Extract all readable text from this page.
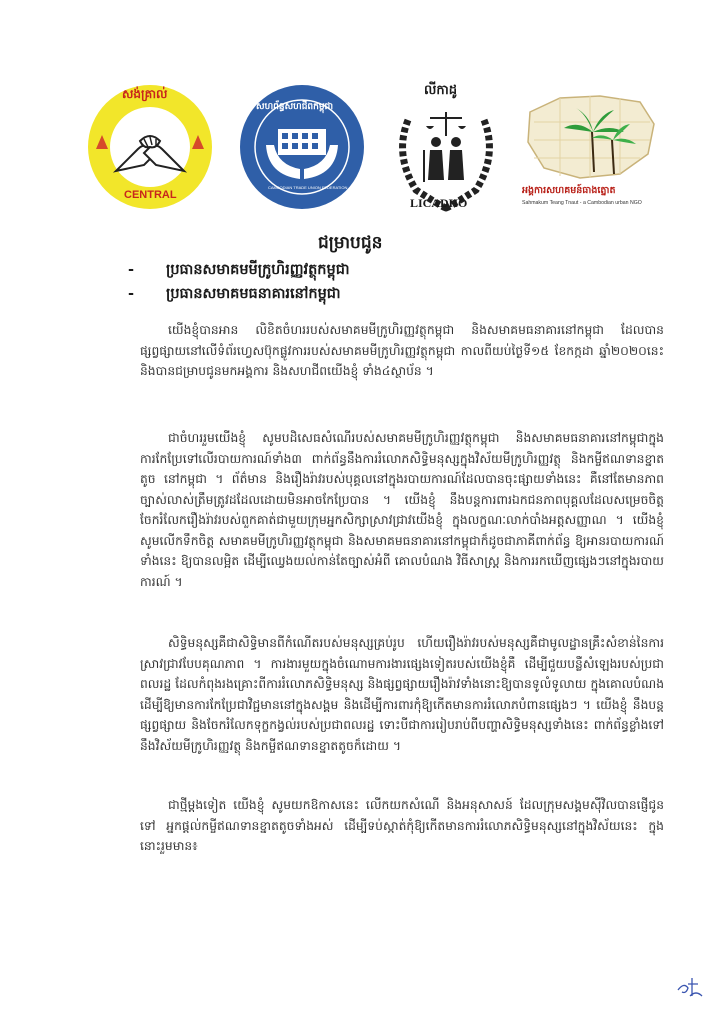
សង់គ្រាល់
CENTRAL
សហព័ន្ធសហជីពកម្ពុជា
CAMBODIAN TRADE UNION FEDERATION
លីកាដូ
LICADHO
អង្គការសហគមន៍ធាងត្នោត
Sahmakum Teang Tnaut - a Cambodian urban NGO
ជម្រាបជូន
- ប្រធានសមាគមមីក្រូហិរញ្ញវត្ថុកម្ពុជា
- ប្រធានសមាគមធនាគារនៅកម្ពុជា

យើងខ្ញុំបានអាន លិខិតចំហររបស់សមាគមមីក្រូហិរញ្ញវត្ថុកម្ពុជា និងសមាគមធនាគារនៅកម្ពុជា ដែលបានផ្សព្វផ្សាយនៅលើទំព័រហ្វេសប៊ុកផ្លូវការរបស់សមាគមមីក្រូហិរញ្ញវត្ថុកម្ពុជា កាលពីយប់ថ្ងៃទី១៥ ខែកក្កដា ឆ្នាំ២០២០នេះ និងបានជម្រាបជូនមកអង្គការ និងសហជីពយើងខ្ញុំ ទាំង៤ស្ថាប័ន ។

ជាចំហររួមយើងខ្ញុំ សូមបដិសេធសំណើរបស់សមាគមមីក្រូហិរញ្ញវត្ថុកម្ពុជា និងសមាគមធនាគារនៅកម្ពុជាក្នុងការកែប្រែទៅលើរបាយការណ៍ទាំង៣ ពាក់ព័ន្ធនឹងការរំលោភសិទ្ធិមនុស្សក្នុងវិស័យមីក្រូហិរញ្ញវត្ថុ និងកម្ចីឥណទានខ្នាតតូច នៅកម្ពុជា ។ ព័ត៌មាន និងរឿងរ៉ាវរបស់បុគ្គលនៅក្នុងរបាយការណ៍ដែលបានចុះផ្សាយទាំងនេះ គឺនៅតែមានភាពច្បាស់លាស់ត្រឹមត្រូវដដែលដោយមិនអាចកែប្រែបាន ។ យើងខ្ញុំ នឹងបន្តការពារឯកជនភាពបុគ្គលដែលសម្រេចចិត្តចែករំលែករឿងរ៉ាវរបស់ពួកគាត់ជាមួយក្រុមអ្នកសិក្សាស្រាវជ្រាវយើងខ្ញុំ ក្នុងលក្ខណៈលាក់បាំងអត្តសញ្ញាណ ។ យើងខ្ញុំ សូមលើកទឹកចិត្ត សមាគមមីក្រូហិរញ្ញវត្ថុកម្ពុជា និងសមាគមធនាគារនៅកម្ពុជាក៏ដូចជាភាគីពាក់ព័ន្ធ ឱ្យអានរបាយការណ៍ទាំងនេះ ឱ្យបានលម្អិត ដើម្បីឈ្វេងយល់កាន់តែច្បាស់អំពី គោលបំណង វិធីសាស្ត្រ និងការរកឃើញផ្សេងៗនៅក្នុងរបាយការណ៍ ។

សិទ្ធិមនុស្សគឺជាសិទ្ធិមានពីកំណើតរបស់មនុស្សគ្រប់រូប ហើយរឿងរ៉ាវរបស់មនុស្សគឺជាមូលដ្ឋានគ្រឹះសំខាន់នៃការស្រាវជ្រាវបែបគុណភាព ។ ការងារមួយក្នុងចំណោមការងារផ្សេងទៀតរបស់យើងខ្ញុំគឺ ដើម្បីជួយបន្លឺសំឡេងរបស់ប្រជាពលរដ្ឋ ដែលកំពុងរងគ្រោះពីការរំលោភសិទ្ធិមនុស្ស និងផ្សព្វផ្សាយរឿងរ៉ាវទាំងនោះឱ្យបានទូលំទូលាយ ក្នុងគោលបំណងដើម្បីឱ្យមានការកែប្រែជាវិជ្ជមាននៅក្នុងសង្គម និងដើម្បីការពារកុំឱ្យកើតមានការរំលោភបំពានផ្សេងៗ ។ យើងខ្ញុំ នឹងបន្តផ្សព្វផ្សាយ និងចែករំលែកទុក្ខកង្វល់របស់ប្រជាពលរដ្ឋ ទោះបីជាការរៀបរាប់ពីបញ្ហាសិទ្ធិមនុស្សទាំងនេះ ពាក់ព័ន្ធខ្លាំងទៅនឹងវិស័យមីក្រូហិរញ្ញវត្ថុ និងកម្ចីឥណទានខ្នាតតូចក៏ដោយ ។

ជាថ្មីម្តងទៀត យើងខ្ញុំ សូមយកឱកាសនេះ លើកយកសំណើ និងអនុសាសន៍ ដែលក្រុមសង្គមស៊ីវិលបានផ្ញើជូនទៅ អ្នកផ្តល់កម្ចីឥណទានខ្នាតតូចទាំងអស់ ដើម្បីទប់ស្កាត់កុំឱ្យកើតមានការរំលោភសិទ្ធិមនុស្សនៅក្នុងវិស័យនេះ ក្នុងនោះរួមមាន៖
